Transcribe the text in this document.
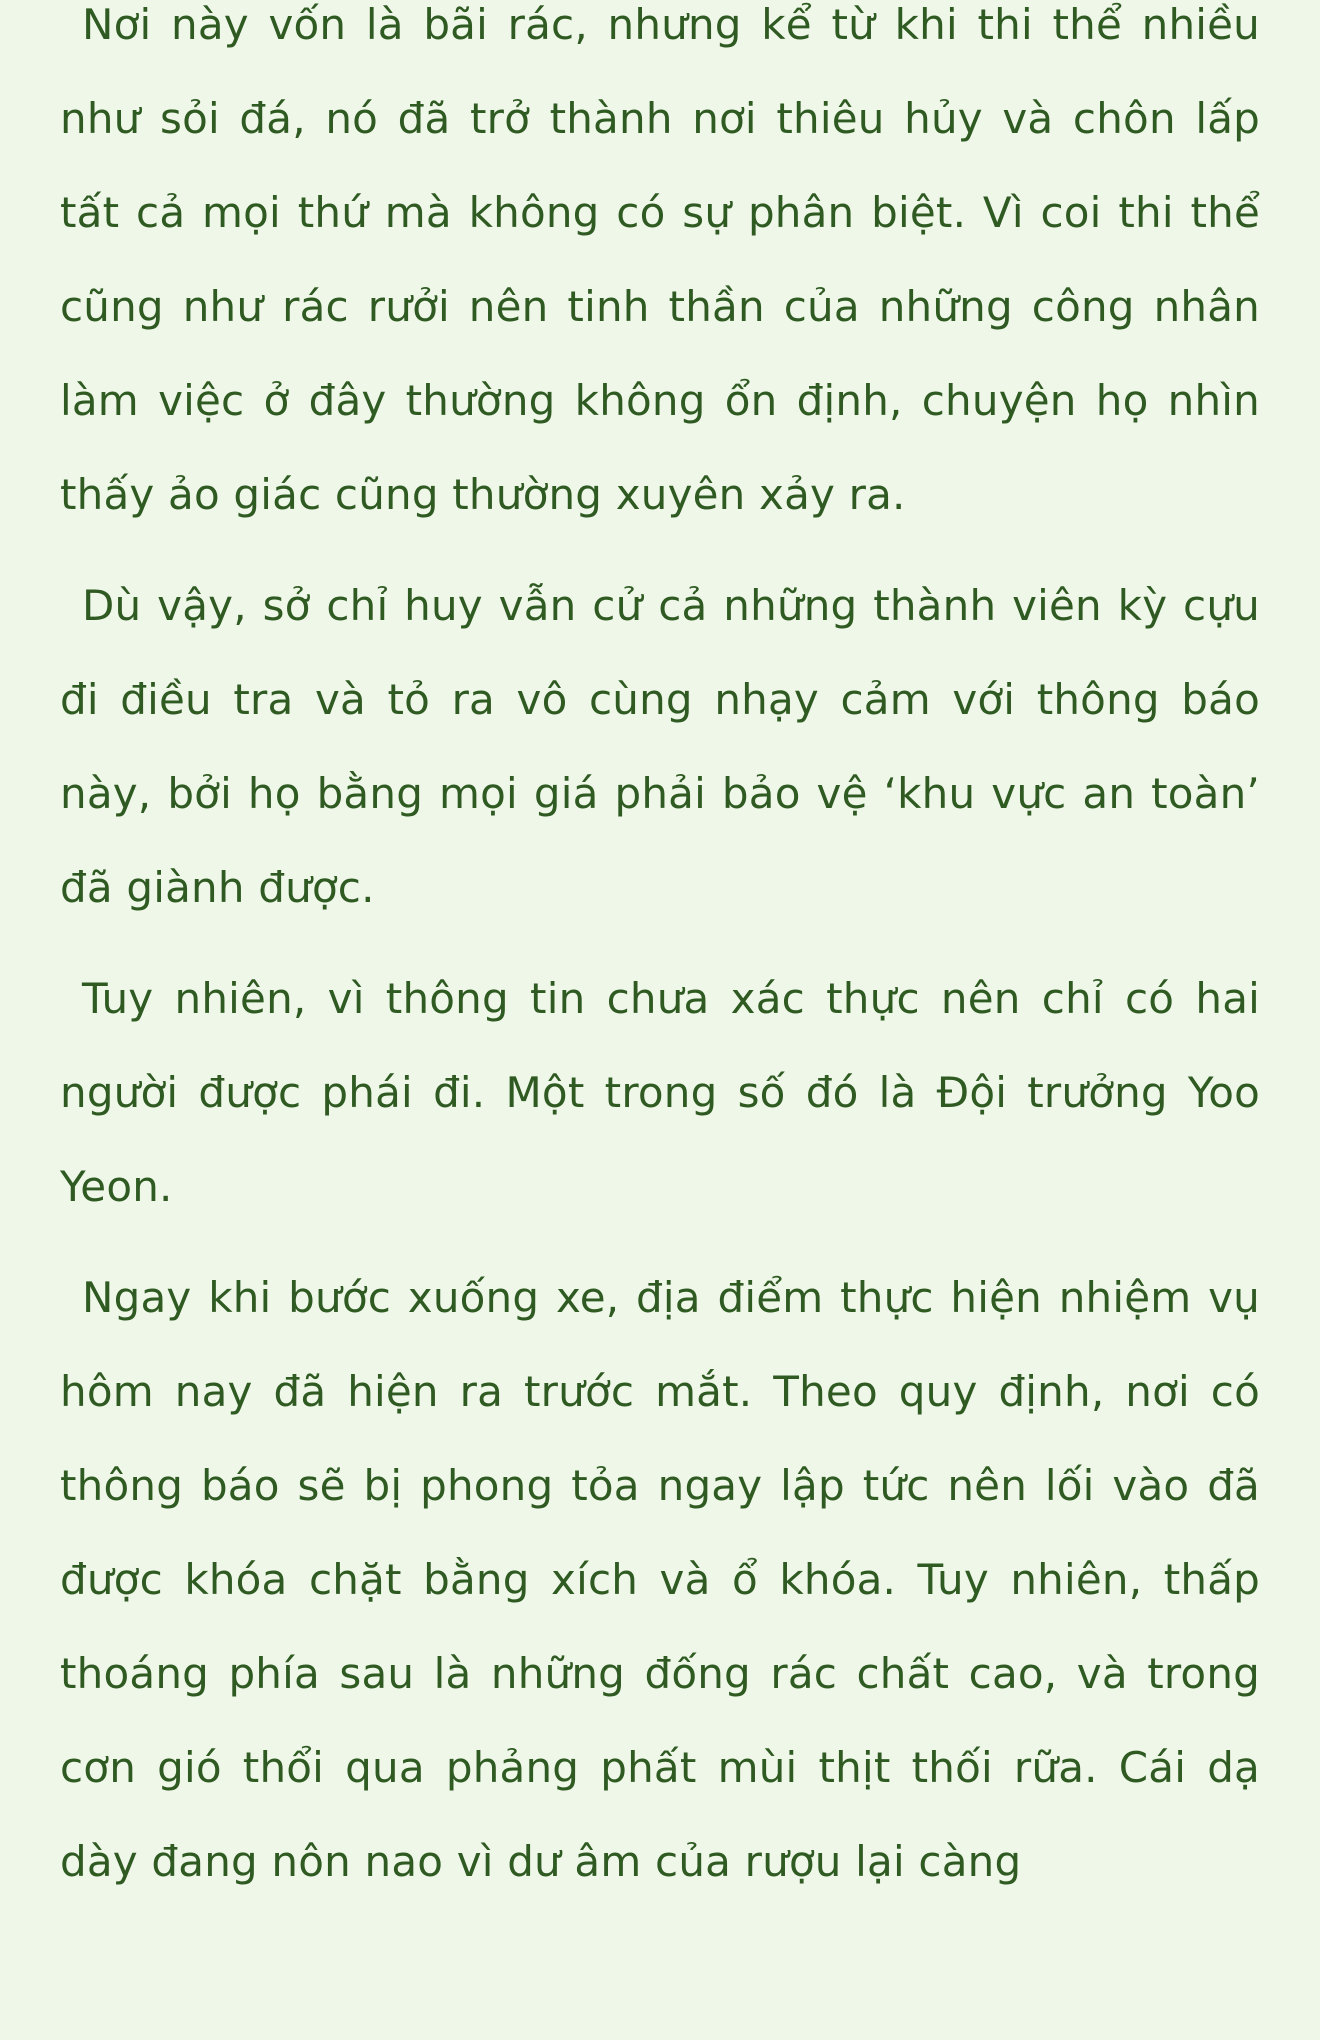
Nơi này vốn là bãi rác, nhưng kể từ khi thi thể nhiều như sỏi đá, nó đã trở thành nơi thiêu hủy và chôn lấp tất cả mọi thứ mà không có sự phân biệt. Vì coi thi thể cũng như rác rưởi nên tinh thần của những công nhân làm việc ở đây thường không ổn định, chuyện họ nhìn thấy ảo giác cũng thường xuyên xảy ra.

Dù vậy, sở chỉ huy vẫn cử cả những thành viên kỳ cựu đi điều tra và tỏ ra vô cùng nhạy cảm với thông báo này, bởi họ bằng mọi giá phải bảo vệ ‘khu vực an toàn’ đã giành được.

Tuy nhiên, vì thông tin chưa xác thực nên chỉ có hai người được phái đi. Một trong số đó là Đội trưởng Yoo Yeon.

Ngay khi bước xuống xe, địa điểm thực hiện nhiệm vụ hôm nay đã hiện ra trước mắt. Theo quy định, nơi có thông báo sẽ bị phong tỏa ngay lập tức nên lối vào đã được khóa chặt bằng xích và ổ khóa. Tuy nhiên, thấp thoáng phía sau là những đống rác chất cao, và trong cơn gió thổi qua phảng phất mùi thịt thối rữa. Cái dạ dày đang nôn nao vì dư âm của rượu lại càng
